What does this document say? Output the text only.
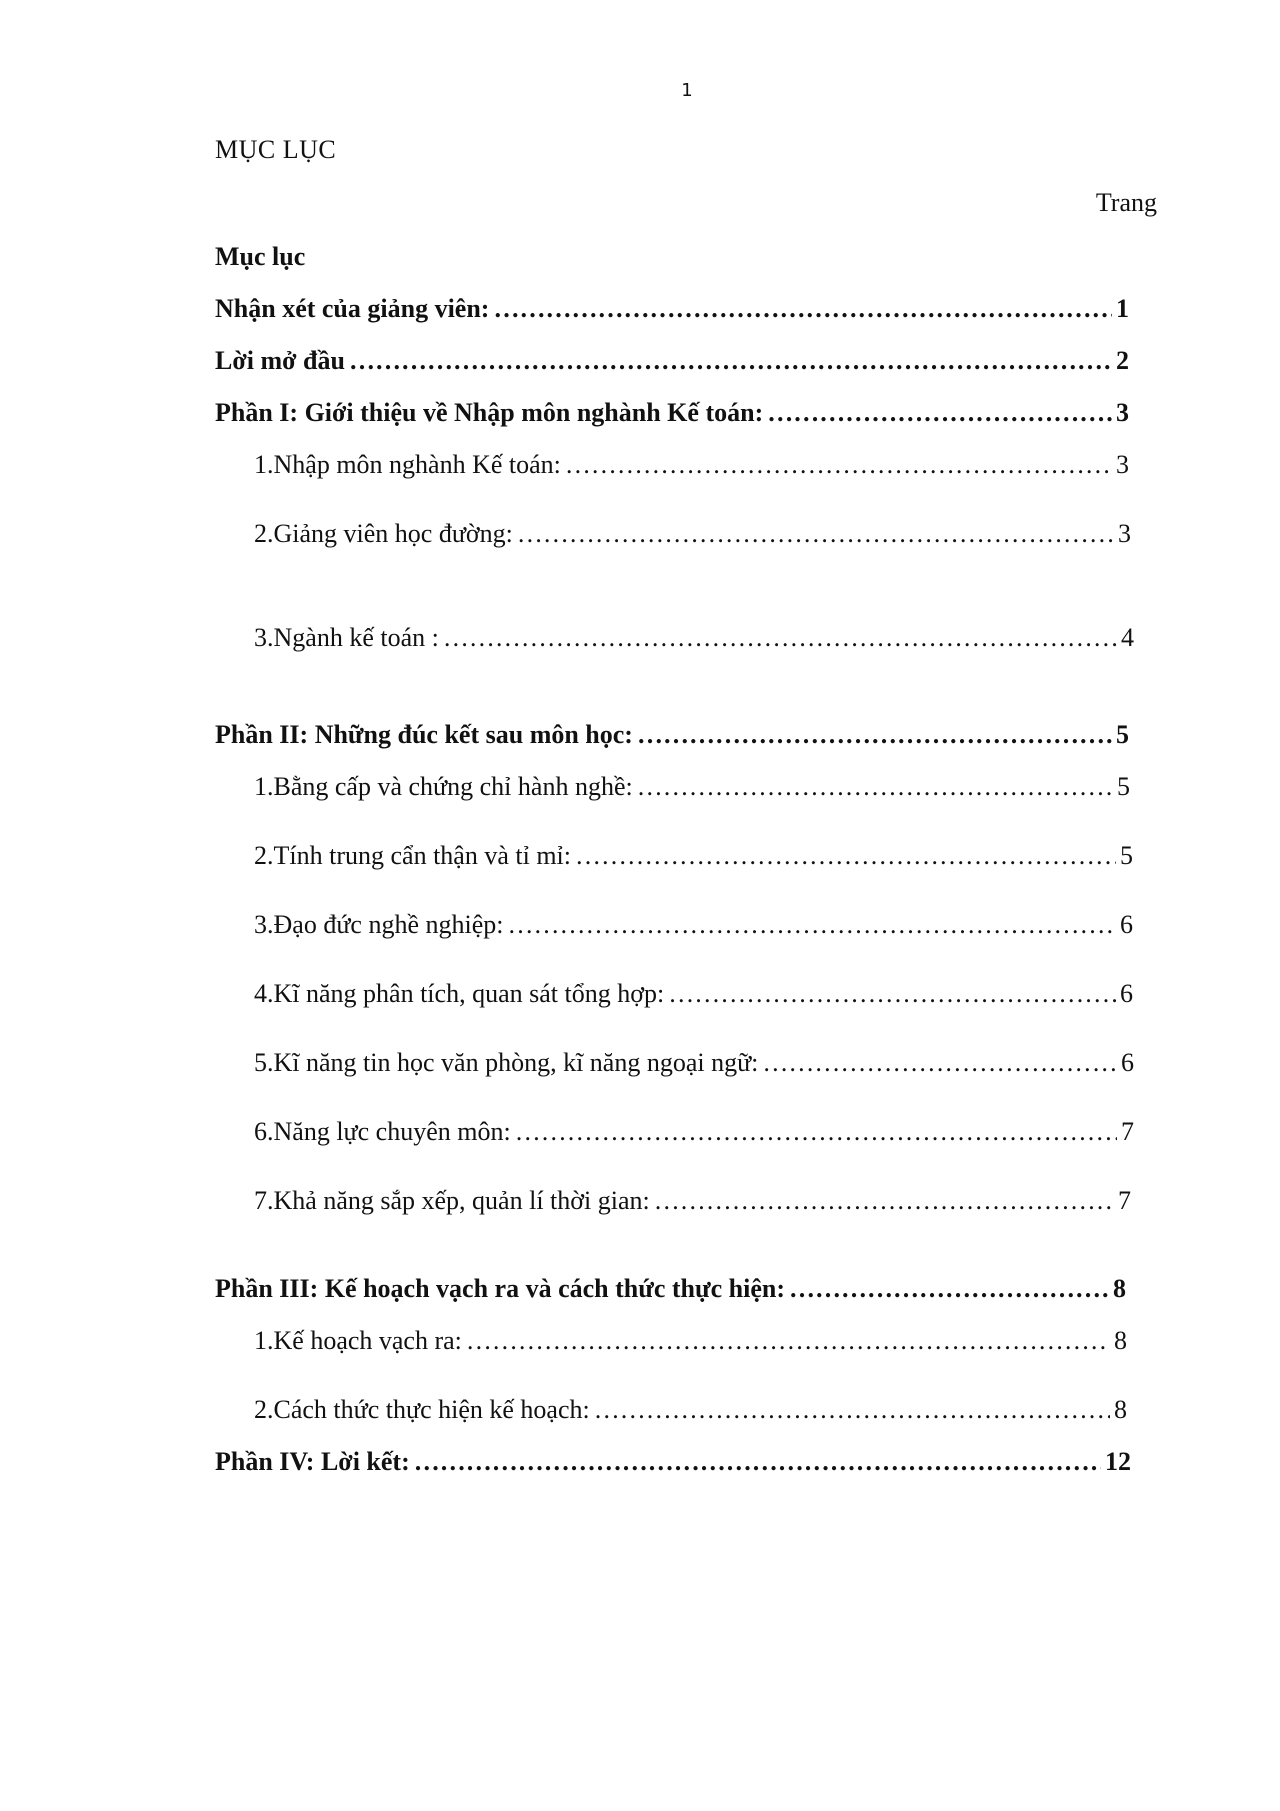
1
MỤC LỤC
Trang
Mục lục
Nhận xét của giảng viên: ………………………………………………………………………………………………………………………………………………	1
Lời mở đầu ………………………………………………………………………………………………………………………………………………	2
Phần I: Giới thiệu về Nhập môn nghành Kế toán: ………………………………………………………………………………………………………………………………………………	3
1. Nhập môn nghành Kế toán: ………………………………………………………………………………………………………………………………………………	3
2. Giảng viên học đường: ………………………………………………………………………………………………………………………………………………	3
3. Ngành kế toán : ………………………………………………………………………………………………………………………………………………	4
Phần II: Những đúc kết sau môn học: ………………………………………………………………………………………………………………………………………………	5
1. Bằng cấp và chứng chỉ hành nghề: ………………………………………………………………………………………………………………………………………………	5
2. Tính trung cẩn thận và tỉ mỉ: ………………………………………………………………………………………………………………………………………………	5
3. Đạo đức nghề nghiệp: ………………………………………………………………………………………………………………………………………………	6
4. Kĩ năng phân tích, quan sát tổng hợp: ………………………………………………………………………………………………………………………………………………	6
5. Kĩ năng tin học văn phòng, kĩ năng ngoại ngữ: ………………………………………………………………………………………………………………………………………………	6
6. Năng lực chuyên môn: ………………………………………………………………………………………………………………………………………………	7
7. Khả năng sắp xếp, quản lí thời gian: ………………………………………………………………………………………………………………………………………………	7
Phần III: Kế hoạch vạch ra và cách thức thực hiện: ………………………………………………………………………………………………………………………………………………	8
1. Kế hoạch vạch ra: ………………………………………………………………………………………………………………………………………………	8
2. Cách thức thực hiện kế hoạch: ………………………………………………………………………………………………………………………………………………	8
Phần IV: Lời kết: ………………………………………………………………………………………………………………………………………………	12
